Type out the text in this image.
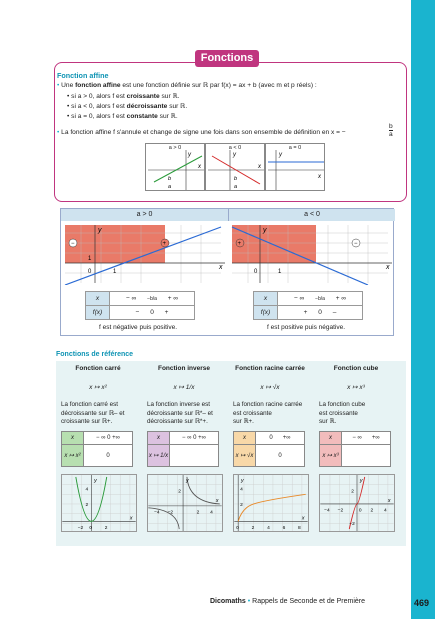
Fonctions
Fonction affine
• Une fonction affine est une fonction définie sur ℝ par f(x) = ax + b (avec m et p réels) :
• si a > 0, alors f est croissante sur ℝ.
• si a < 0, alors f est décroissante sur ℝ.
• si a = 0, alors f est constante sur ℝ.
• La fonction affine f s'annule et change de signe une fois dans son ensemble de définition en x = −
b
a
a > 0
y
x
b
a
a < 0
y
x
b
a
a = 0
y
x
a > 0	a < 0
−	+
y
x
1
0	1
+	−
y
x
0	1
x	− ∞ −b/a + ∞
f(x)	− 0 +
f est négative puis positive.
x	− ∞ −b/a + ∞
f(x)	+ 0 –
f est positive puis négative.
Fonctions de référence
Fonction carré
x ↦ x²
La fonction carré est
décroissante sur ℝ– et
croissante sur ℝ+.
x	− ∞ 0 +∞
x ↦ x²	0
−2 0	2
4
2
x
y
Fonction inverse
x ↦ 1/x
La fonction inverse est
décroissante sur ℝ*– et
décroissante sur ℝ*+.
x	− ∞ 0 +∞
x ↦ 1/x	
−4 −2	2 4
2
x
y
Fonction racine carrée
x ↦ √x
La fonction racine carrée
est croissante
sur ℝ+.
x	0 +∞
x ↦ √x	0
0	2	4	6	8
4
2
x
y
Fonction cube
x ↦ x³
La fonction cube
est croissante
sur ℝ.
x	− ∞ +∞
x ↦ x³	
−4 −2	0 2 4
2
−2
x
y
Dicomaths • Rappels de Seconde et de Première	469
